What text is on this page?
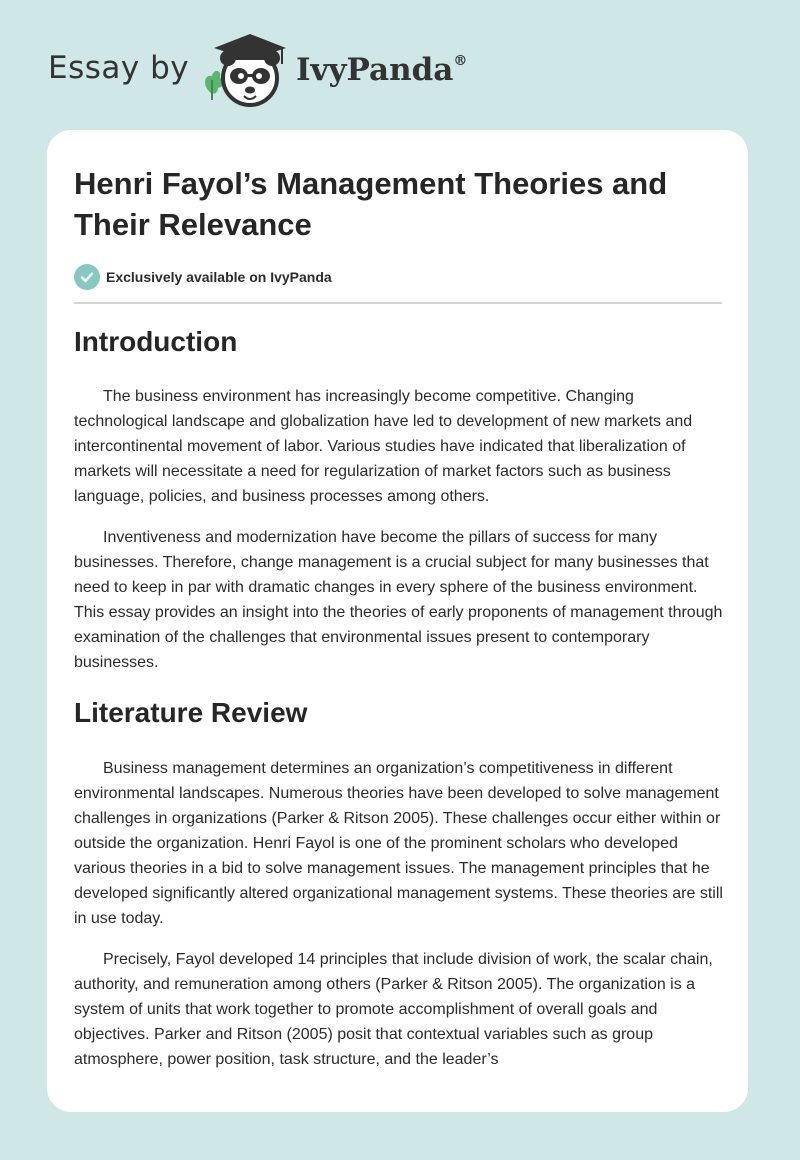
Essay by	IvyPanda®
Henri Fayol’s Management Theories and Their Relevance
Exclusively available on IvyPanda
Introduction

The business environment has increasingly become competitive. Changing technological landscape and globalization have led to development of new markets and intercontinental movement of labor. Various studies have indicated that liberalization of markets will necessitate a need for regularization of market factors such as business language, policies, and business processes among others.

Inventiveness and modernization have become the pillars of success for many businesses. Therefore, change management is a crucial subject for many businesses that need to keep in par with dramatic changes in every sphere of the business environment. This essay provides an insight into the theories of early proponents of management through examination of the challenges that environmental issues present to contemporary businesses.

Literature Review

Business management determines an organization’s competitiveness in different environmental landscapes. Numerous theories have been developed to solve management challenges in organizations (Parker & Ritson 2005). These challenges occur either within or outside the organization. Henri Fayol is one of the prominent scholars who developed various theories in a bid to solve management issues. The management principles that he developed significantly altered organizational management systems. These theories are still in use today.

Precisely, Fayol developed 14 principles that include division of work, the scalar chain, authority, and remuneration among others (Parker & Ritson 2005). The organization is a system of units that work together to promote accomplishment of overall goals and objectives. Parker and Ritson (2005) posit that contextual variables such as group atmosphere, power position, task structure, and the leader’s
